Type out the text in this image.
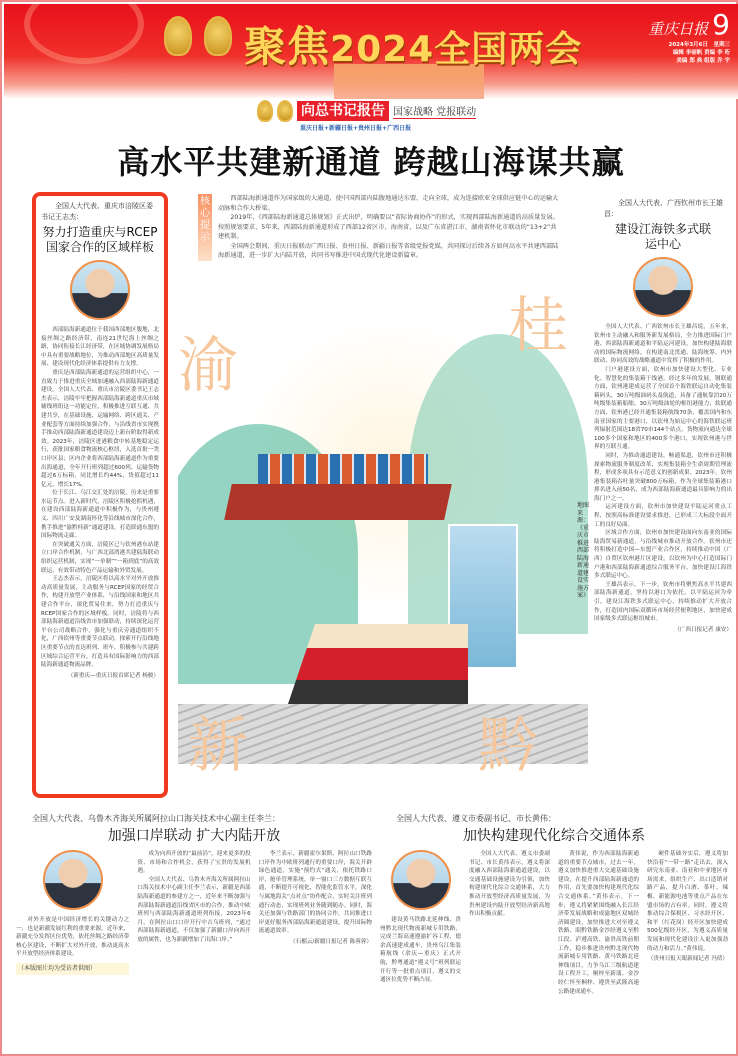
聚焦2024全国两会	重庆日报 9
2024年3月6日　星期三
编辑 李丽帆 责编 李 珩
美编 郑 典 组版 乔 宇
向总书记报告 国家战略 党报联动
重庆日报+新疆日报+贵州日报+广西日报
高水平共建新通道 跨越山海谋共赢
核心提示

西部陆海新通道作为国家级的大通道，使中国西部内陆腹地通达东盟、走向全球，成为连接欧亚全球供应链中心的运输大动脉和合作大桥梁。

2019年，《西部陆海新通道总体规划》正式出炉，明确要以“省际协商协作”的形式，实现西部陆海新通道的高质量发展。按照规划要求，5年来，西部陆海新通道形成了西部12省区市、海南省，以及广东省湛江市、湖南省怀化市联动的“13+2”共建机制。

全国两会期间，重庆日报联动广西日报、贵州日报、新疆日报等省级党报党媒，共同探讨后续各方如何高水平共建西部陆海新通道，进一步扩大内陆开放，共同书写推进中国式现代化建设新篇章。

全国人大代表、重庆市涪陵区委书记王志杰：
努力打造重庆与RCEP国家合作的区域样板

西部陆海新通道位于我国西部地区腹地，北接丝绸之路经济带，南连21世纪海上丝绸之路，协同衔接长江经济带，在区域协调发展格局中具有重要战略地位，为推动西部地区高质量发展、建设现代化经济体系提供有力支撑。

重庆是西部陆海新通道的运营组织中心，一直致力于推进重庆全域加速融入西部陆海新通道建设。全国人大代表、重庆市涪陵区委书记王志杰表示，涪陵牢牢把握西部陆海新通道重庆市域辅线班组这一功能定位，积极推进互联互通、共建共享，在基础设施、运输网络、跨区通关、产业配套等方面持续加强合作，与沿线省市实现携手推动西部陆海新通道建设迈上新台阶取得新成效。2023年，涪陵区进港粮食中转基地稳定运行，获批国家粮食物流核心枢纽，入选首批一类口岸区县；区内企业将西部陆海新通道作为重要出海通道，全年开行班列超过600列、运输货物超过6万标箱，同比增长约44%，货值超过11亿元，增长17%。

位于长江、乌江交汇处的涪陵，历来是重要水运节点。进入新时代，涪陵区积极抢抓机遇，在建设西部陆海新通道中积极作为，与贵州遵义、四川广安及湖南怀化等沿线城市深化合作，携手推进“渝黔桂新”通道建设，打造联通东盟的国际物流走廊。

在突破通关方面，涪陵区已与钦州港东站建立口岸合作机制，与广西北部湾港共建陆海联动组织运营机制，实现“一单制”“一箱到底”的高效联运，有效带动特色产品运输和外贸发展。

王志杰表示，涪陵区将以高水平对外开放推动高质量发展，主动服务与RCEP国家的经贸合作，构建开放型产业体系，与沿线国家和地区共建合作平台，深化贸易往来，努力打造重庆与RCEP国家合作的区域样板。同时，涪陵将与西部陆海新通道沿线省市加强联动，持续深化运营平台公司战略合作，强化与重庆旁通道组织不化，广西钦州等重要节点联动，探索开行沿线地区重要节点的直达班列、班车，积极参与共建跨区域综合运营平台，打造具有国际影响力的西部陆海新通道物流品牌。

（新重庆—重庆日报首席记者 杨骏）
渝
桂
新	黔
地图来源：《重庆市推进西部陆海新通道建设实施方案》
全国人大代表、广西钦州市长王雄昌：
建设江海铁多式联运中心

全国人大代表、广西钦州市长王雄昌说，五年来，钦州市主动融入和服务新发展格局，全力推进国际门户港、西部陆海新通道和平陆运河建设，加快构建陆海联动的国际物流网络，在构建南北贯通、陆海统筹、内外联动、协同高效的战略通道中发挥了积极的作用。

门户港建设方面，钦州市加快建设大型化、专业化、智慧化的集装箱干线港。经过多年的发展，钢联通方面，钦州港建成运营了全国首个海铁联运自动化集装箱码头，30万吨级油码头及航道，具备了通航靠泊20万吨级集装箱船舶、30万吨级油轮的枢纽港能力；软联通方面，钦州港已经开通集装箱航线70条，覆盖国内和东南亚国家的主要港口，以钦州为始运中心的海铁联运班列辐射范围达18省70市144个站点，货物流向通达全球100多个国家和地区的400多个港口，实现钦州港与世界的互联互通。

同时，为推动通道建设、畅通渠道，钦州市还积极探索物流服务制度改革，实现集装箱全生命周期管理流程，形成多项具有示范意义的创新成果。2023年，钦州港集装箱吞吐量突破800万标箱，作为全球集装箱港口排名进入前50名，成为西部陆海新通道最具影响力的出海门户之一。

运河建设方面，钦州市加快建设平陆运河重点工程，按照高标准建设要求推进，已形成三大标段全面开工的良好局面。

区域合作方面，钦州市加快建设面向东南亚的国际陆海贸易新通道，与沿线城市推动开放合作。钦州市还将积极打造中国—东盟产业合作区，持续推动中国（广西）自贸区钦州港片区建设，以钦州为中心打造国际门户港和西部陆海新通道综合服务平台，加快建设江海铁多式联运中心。

王雄昌表示，下一步，钦州市将聚焦高水平共建西部陆海新通道，坚持以港口为依托，以平陆运河为牵引，建设江海铁多式联运中心，持续推动扩大开放合作，打造国内国际双循环市场经营便利地区，加快建成国家级多式联运枢纽城市。

（广西日报记者 康安）
全国人大代表、乌鲁木齐海关所属阿拉山口海关技术中心副主任李兰：
加强口岸联动 扩大内陆开放

对外开放是中国经济增长的关键动力之一，也是新疆发展红利的重要来源。近年来，新疆充分发挥区位优势，依托丝绸之路经济带核心区建设，不断扩大对外开放，推动更高水平开放型经济体系建设。

（本版图片均为受访者供图）

成为向西开放的“最前沿”，迎来更多的投资、市场和合作机会，获得了宝贵的发展机遇。

全国人大代表、乌鲁木齐海关所属阿拉山口海关技术中心副主任李兰表示，新疆是西部陆海新通道的参建方之一，近年来不断加强与西部陆海新通道沿线省区市的合作，推动中欧班列与西部陆海新通道班列衔接，2023年6月，在阿拉山口口岸开行中吉乌班列，“通过西部陆海新通道，不仅加强了新疆口岸向西开放的属性，也为新疆增加了出海口岸。”

李兰表示，新疆霍尔果斯、阿拉山口铁路口岸作为中欧班列通行的重要口岸，海关开辟绿色通道，实施“预约式”通关，依托铁路口岸，舱单管理系统，单一窗口三方数据互联互通，不断提升可视化，智能化监管水平，深化与属地海关“点对点”协作配合，实时关注班列通行动态，实现班列业务随到随办。同时，海关还加强与铁路部门的协同合作，共同推进口岸更好服务西部陆海新通道建设，提升国际物流通道效率。

（石榴云/新疆日报记者 陈蓉蓉）
全国人大代表、遵义市委副书记、市长黄伟：
加快构建现代化综合交通体系

建设黄马铁路北延伸线、贵州黔北现代物流新城专用铁路，完成兰海高速遵渝扩容工程，德余高速建成通车，贵州乌江集装箱航线（余庆—重庆）正式开航，黔粤通道“遵义号”班列联运开行等一批重点项目，遵义的交通区位优势不断凸显。

全国人大代表、遵义市委副书记、市长黄伟表示，遵义将深度融入西部陆海新通道建设，以交通基础设施建设为引领，加快构建现代化综合交通体系，大力推动开放型经济高质量发展，为贵州建设内陆开放型经济新高地作出积极贡献。

黄伟说，作为西部陆海新通道的重要节点城市，过去一年，遵义加快推进重大交通基础设施建设，在提升西部陆海新通道的作用，首先要加快构建现代化综合交通体系。”黄伟表示，下一步，遵义将紧紧围绕融入长江经济带发展战略和成渝地区双城经济圈建设，加快推进大对至遵义铁路、昭黔铁路金沙经遵义至黔江段、泸遵高铁、渝贵高铁前期工作，稳步推进贵州黔北现代物流新城专用铁路、黄马铁路北延伸线项目，力争乌江三级航道建设工程开工，桐梓至新蒲、金沙经仁怀至桐梓、遵贵至武隆高速公路建成通车。

硬件基础夯实后，遵义将加快沿着“一带一路”走出去，深入研究东南亚、南亚和中亚地区市场需求，组织生产、出口适销对路产品，提升白酒、茶叶、辣椒、新能源电池等重点产品在东盟市场的占有率。同时，遵义将推动综合保税区、习水经开区、和平（红花岗）经开区加快建成500亿级经开区，为遵义高质量发展和现代化建设注入更加强劲的动力和活力。”黄伟说。

（贵州日报天眼新闻记者 冯倩）
